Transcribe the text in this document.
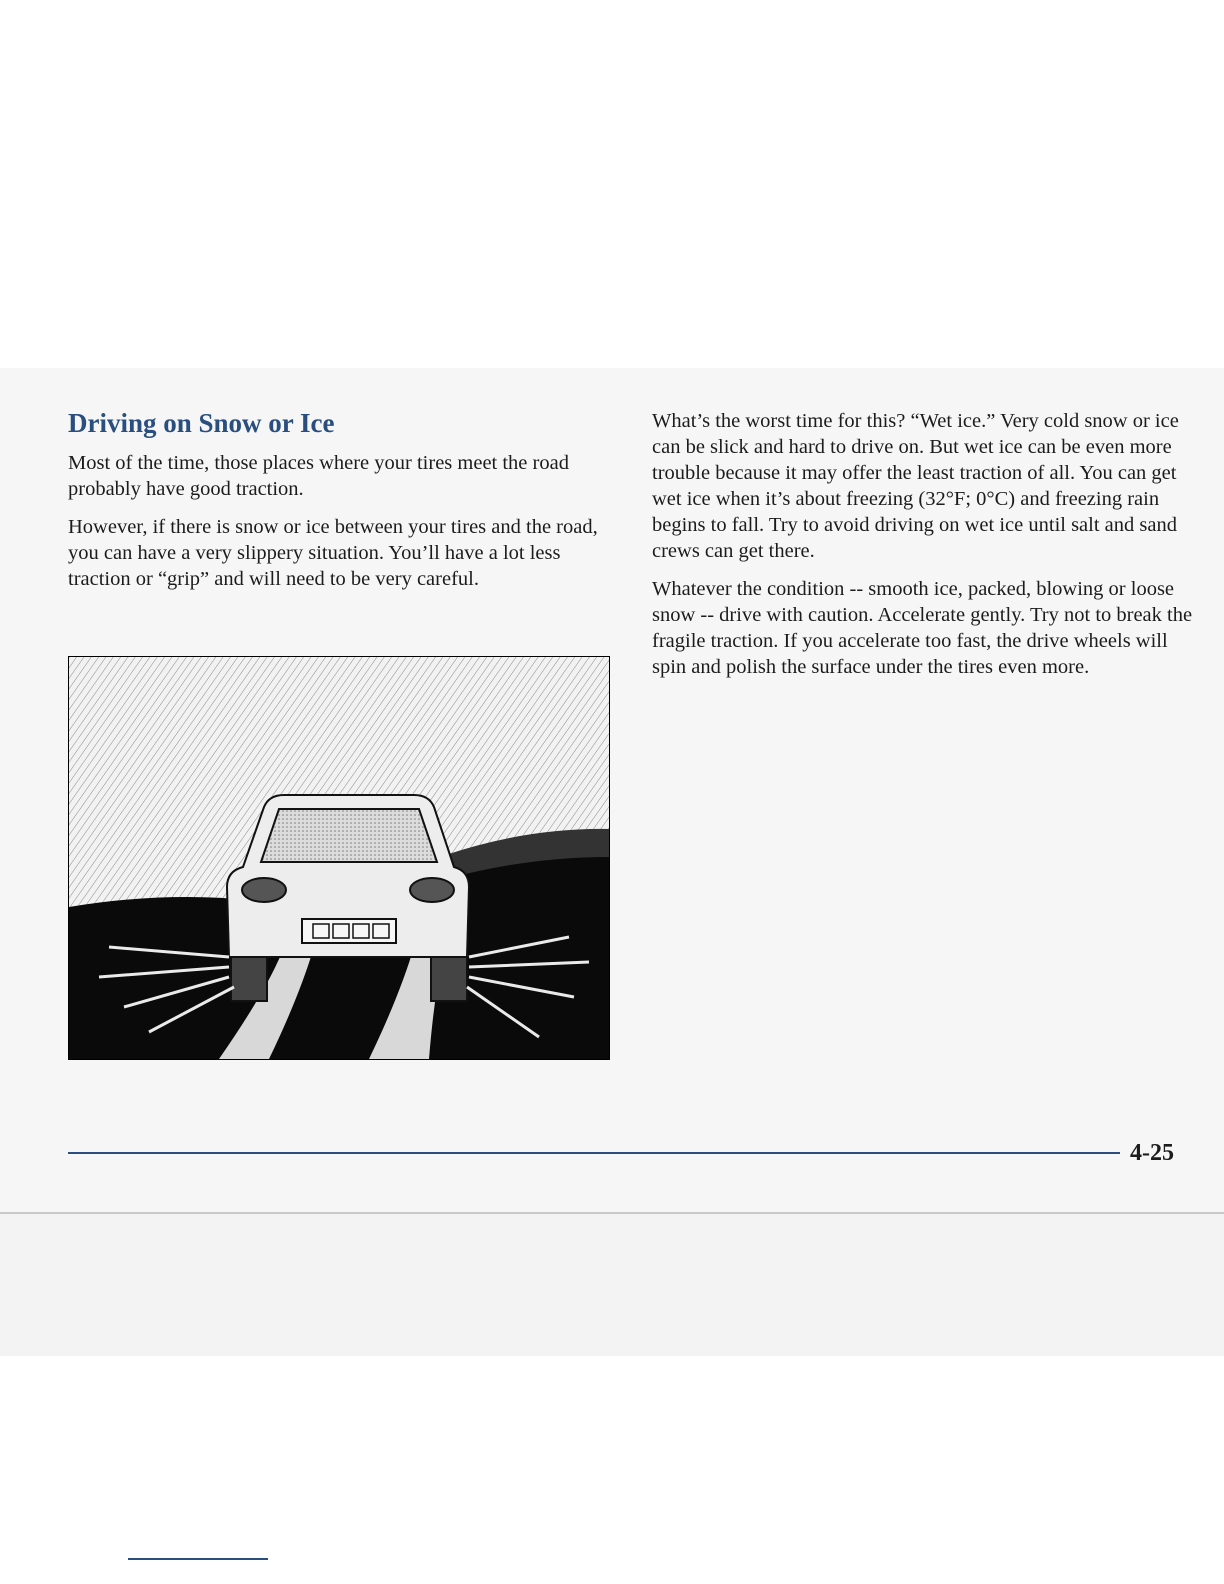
Driving on Snow or Ice

Most of the time, those places where your tires meet the road probably have good traction.

However, if there is snow or ice between your tires and the road, you can have a very slippery situation. You’ll have a lot less traction or “grip” and will need to be very careful.

What’s the worst time for this? “Wet ice.” Very cold snow or ice can be slick and hard to drive on. But wet ice can be even more trouble because it may offer the least traction of all. You can get wet ice when it’s about freezing (32°F; 0°C) and freezing rain begins to fall. Try to avoid driving on wet ice until salt and sand crews can get there.

Whatever the condition -- smooth ice, packed, blowing or loose snow -- drive with caution. Accelerate gently. Try not to break the fragile traction. If you accelerate too fast, the drive wheels will spin and polish the surface under the tires even more.

4-25
